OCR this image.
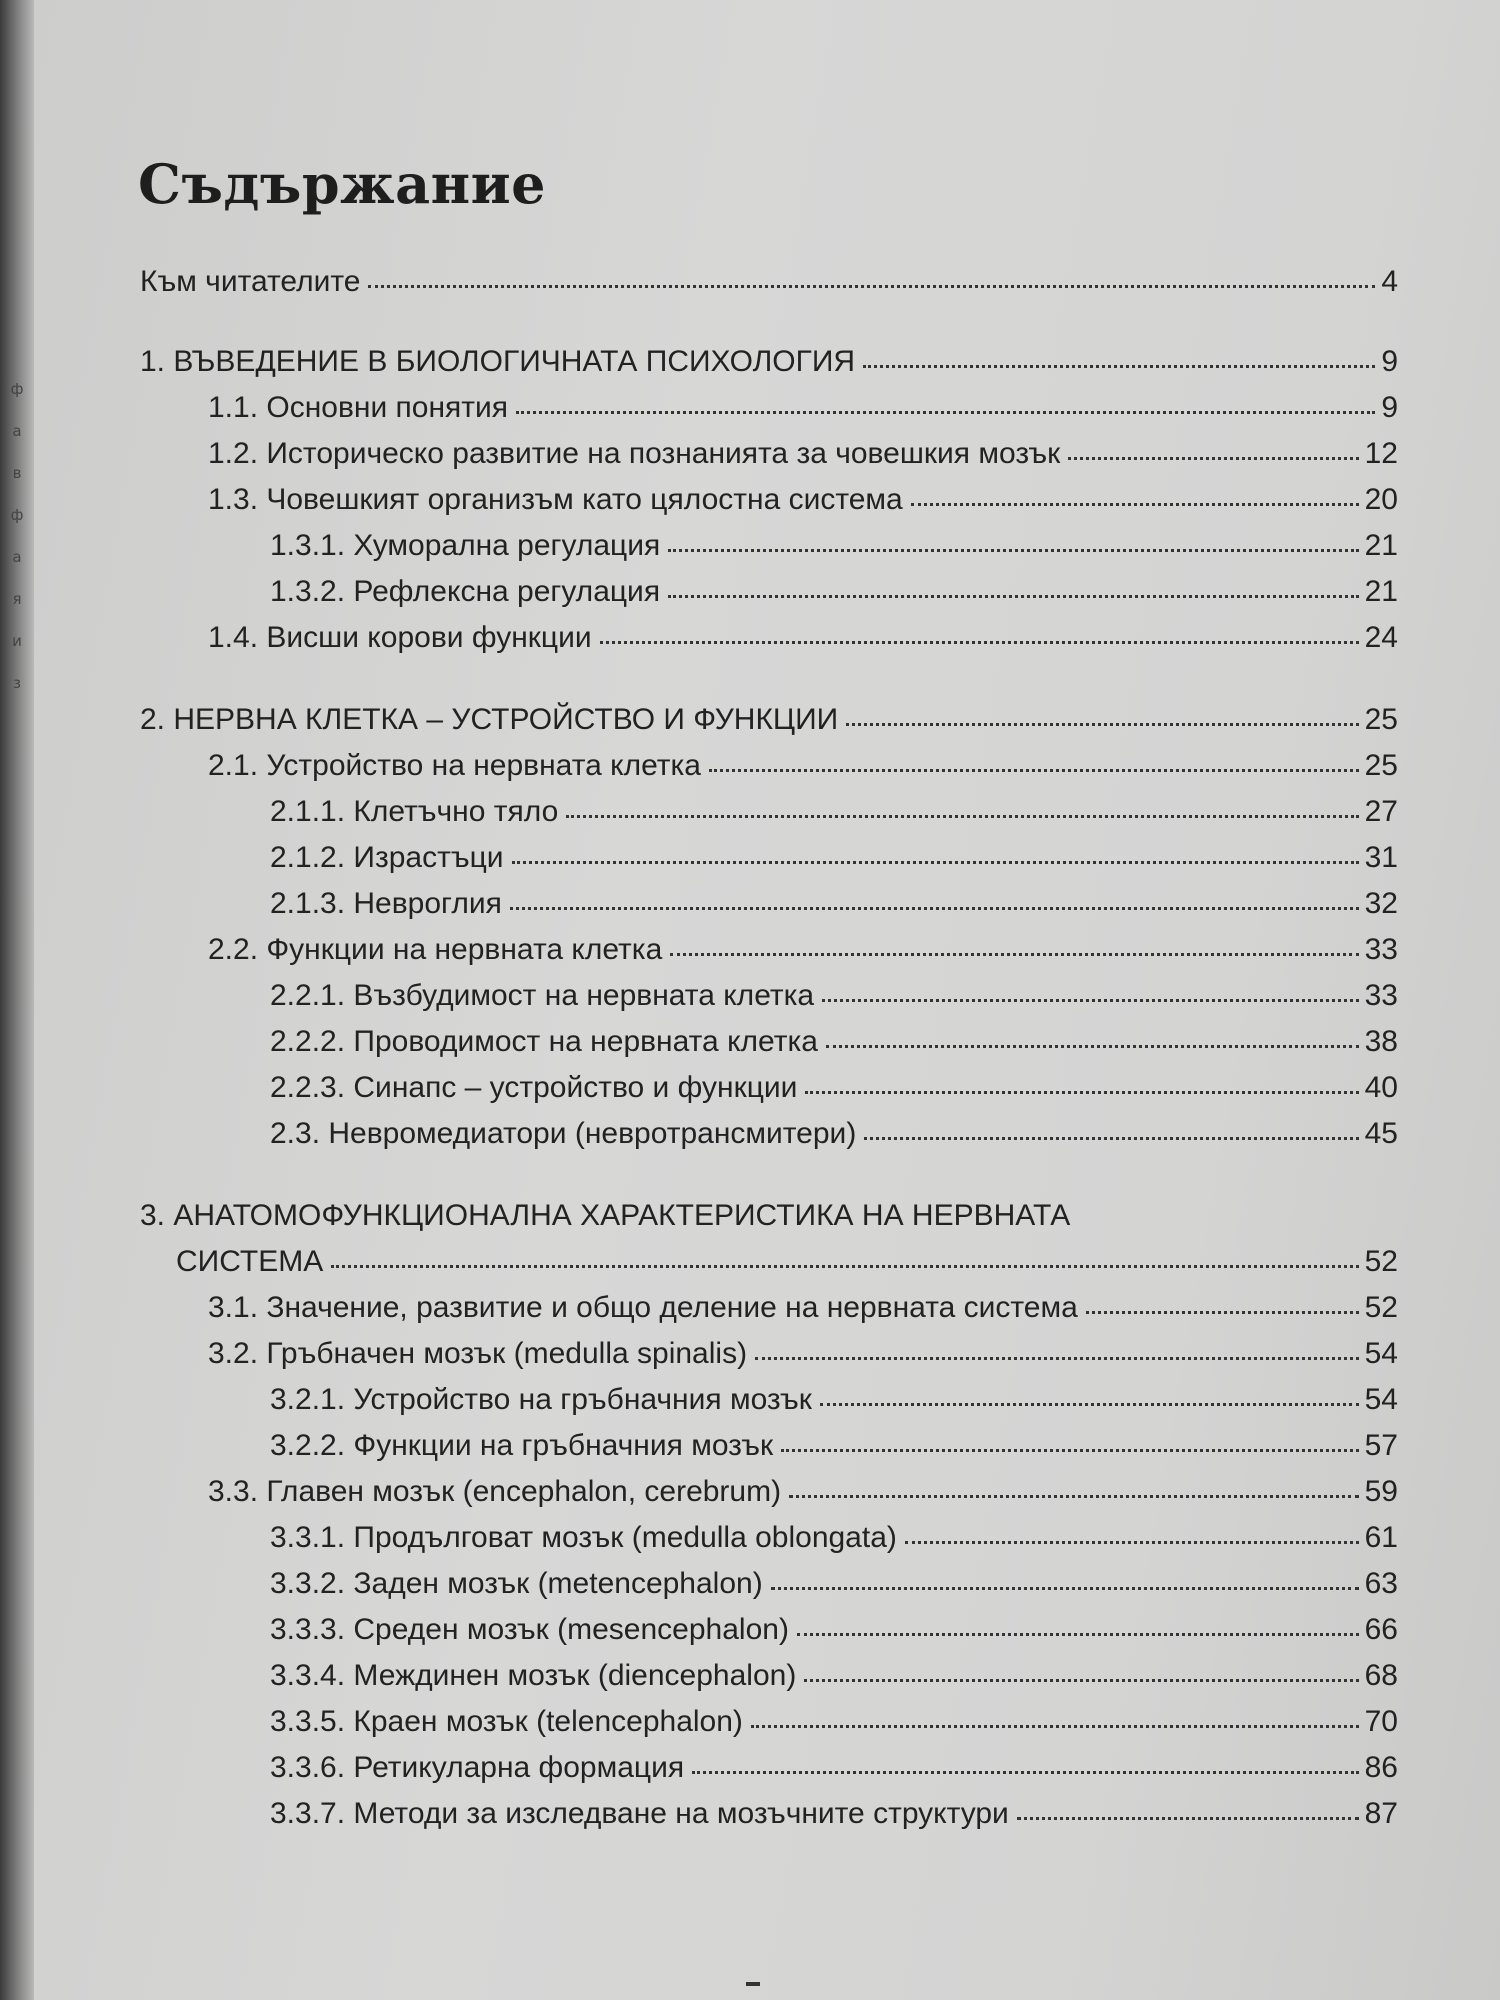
ф
а
в
ф
а
я
и
з
Съдържание
Към читателите	4
1. ВЪВЕДЕНИЕ В БИОЛОГИЧНАТА ПСИХОЛОГИЯ	9
1.1. Основни понятия	9
1.2. Историческо развитие на познанията за човешкия мозък	12
1.3. Човешкият организъм като цялостна система	20
1.3.1. Хуморална регулация	21
1.3.2. Рефлексна регулация	21
1.4. Висши корови функции	24
2. НЕРВНА КЛЕТКА – УСТРОЙСТВО И ФУНКЦИИ	25
2.1. Устройство на нервната клетка	25
2.1.1. Клетъчно тяло	27
2.1.2. Израстъци	31
2.1.3. Невроглия	32
2.2. Функции на нервната клетка	33
2.2.1. Възбудимост на нервната клетка	33
2.2.2. Проводимост на нервната клетка	38
2.2.3. Синапс – устройство и функции	40
2.3. Невромедиатори (невротрансмитери)	45
3. АНАТОМОФУНКЦИОНАЛНА ХАРАКТЕРИСТИКА НА НЕРВНАТА
СИСТЕМА	52
3.1. Значение, развитие и общо деление на нервната система	52
3.2. Гръбначен мозък (medulla spinalis)	54
3.2.1. Устройство на гръбначния мозък	54
3.2.2. Функции на гръбначния мозък	57
3.3. Главен мозък (encephalon, cerebrum)	59
3.3.1. Продълговат мозък (medulla oblongata)	61
3.3.2. Заден мозък (metencephalon)	63
3.3.3. Среден мозък (mesencephalon)	66
3.3.4. Междинен мозък (diencephalon)	68
3.3.5. Краен мозък (telencephalon)	70
3.3.6. Ретикуларна формация	86
3.3.7. Методи за изследване на мозъчните структури	87
